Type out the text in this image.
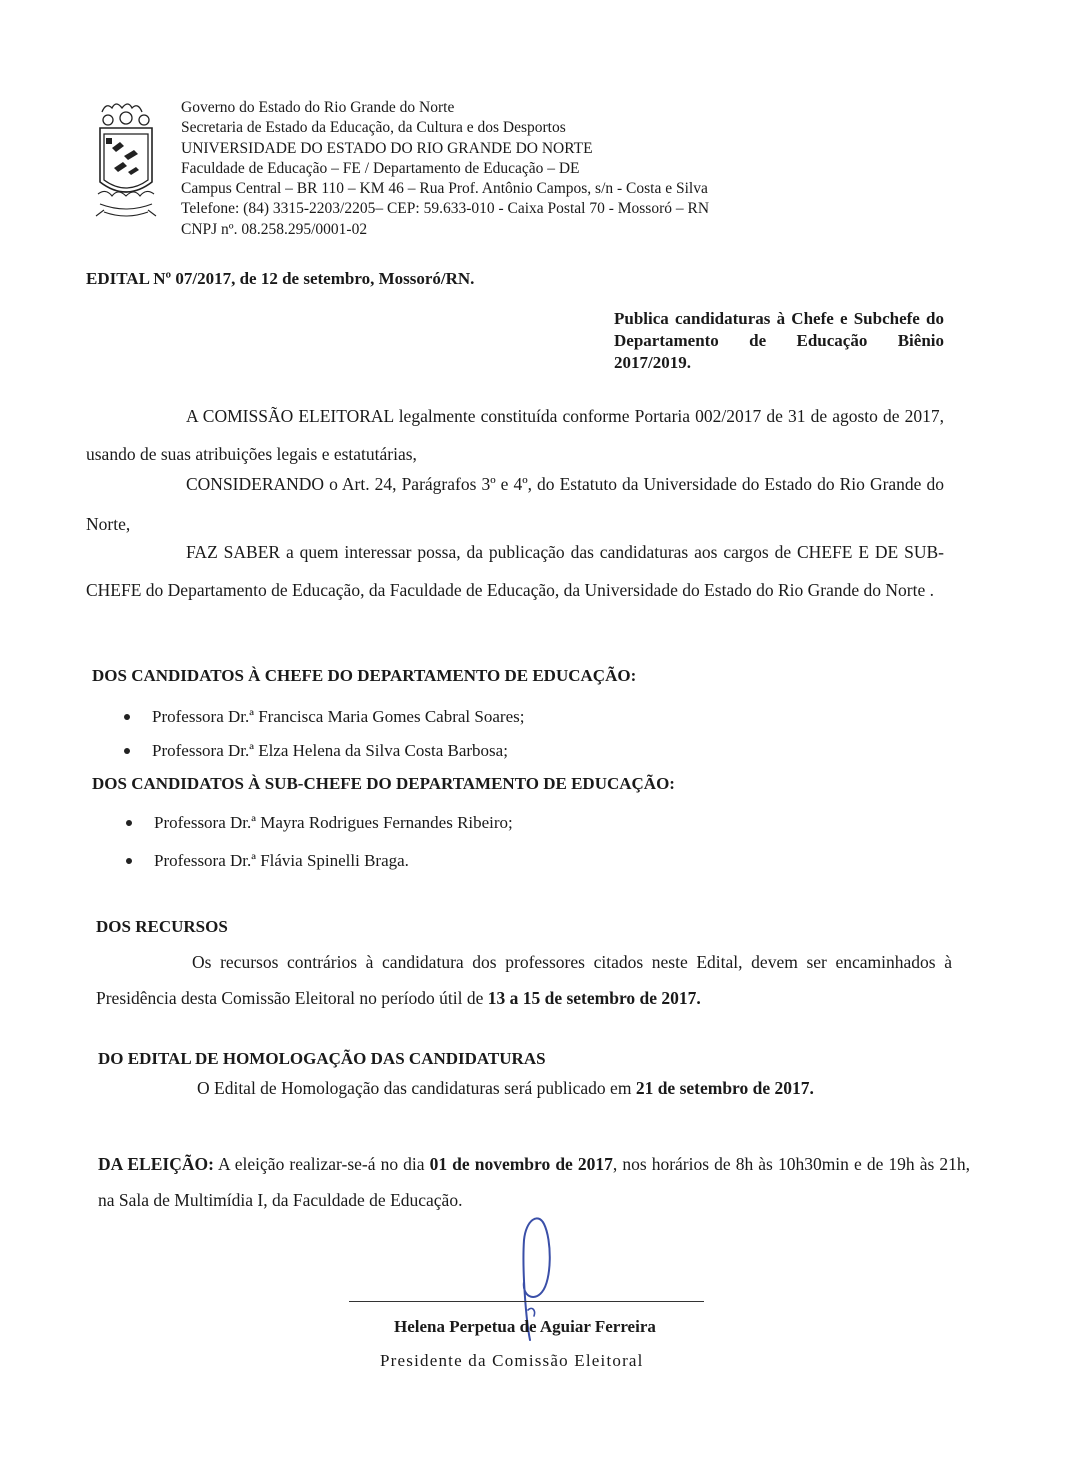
Governo do Estado do Rio Grande do Norte
Secretaria de Estado da Educação, da Cultura e dos Desportos
UNIVERSIDADE DO ESTADO DO RIO GRANDE DO NORTE
Faculdade de Educação – FE / Departamento de Educação – DE
Campus Central – BR 110 – KM 46 – Rua Prof. Antônio Campos, s/n - Costa e Silva
Telefone: (84) 3315-2203/2205– CEP: 59.633-010 - Caixa Postal 70 - Mossoró – RN
CNPJ nº. 08.258.295/0001-02
EDITAL Nº 07/2017, de 12 de setembro, Mossoró/RN.
Publica candidaturas à Chefe e Subchefe do Departamento de Educação Biênio 2017/2019.
A COMISSÃO ELEITORAL legalmente constituída conforme Portaria 002/2017 de 31 de agosto de 2017, usando de suas atribuições legais e estatutárias,
CONSIDERANDO o Art. 24, Parágrafos 3º e 4º, do Estatuto da Universidade do Estado do Rio Grande do Norte,
FAZ SABER a quem interessar possa, da publicação das candidaturas aos cargos de CHEFE E DE SUB-CHEFE do Departamento de Educação, da Faculdade de Educação, da Universidade do Estado do Rio Grande do Norte .
DOS CANDIDATOS À CHEFE DO DEPARTAMENTO DE EDUCAÇÃO:
Professora Dr.ª Francisca Maria Gomes Cabral Soares;
Professora Dr.ª Elza Helena da Silva Costa Barbosa;
DOS CANDIDATOS À SUB-CHEFE DO DEPARTAMENTO DE EDUCAÇÃO:
Professora Dr.ª Mayra Rodrigues Fernandes Ribeiro;
Professora Dr.ª Flávia Spinelli Braga.
DOS RECURSOS
Os recursos contrários à candidatura dos professores citados neste Edital, devem ser encaminhados à Presidência desta Comissão Eleitoral no período útil de 13 a 15 de setembro de 2017.
DO EDITAL DE HOMOLOGAÇÃO DAS CANDIDATURAS
O Edital de Homologação das candidaturas será publicado em 21 de setembro de 2017.
DA ELEIÇÃO: A eleição realizar-se-á no dia 01 de novembro de 2017, nos horários de 8h às 10h30min e de 19h às 21h, na Sala de Multimídia I, da Faculdade de Educação.
Helena Perpetua de Aguiar Ferreira
Presidente da Comissão Eleitoral
